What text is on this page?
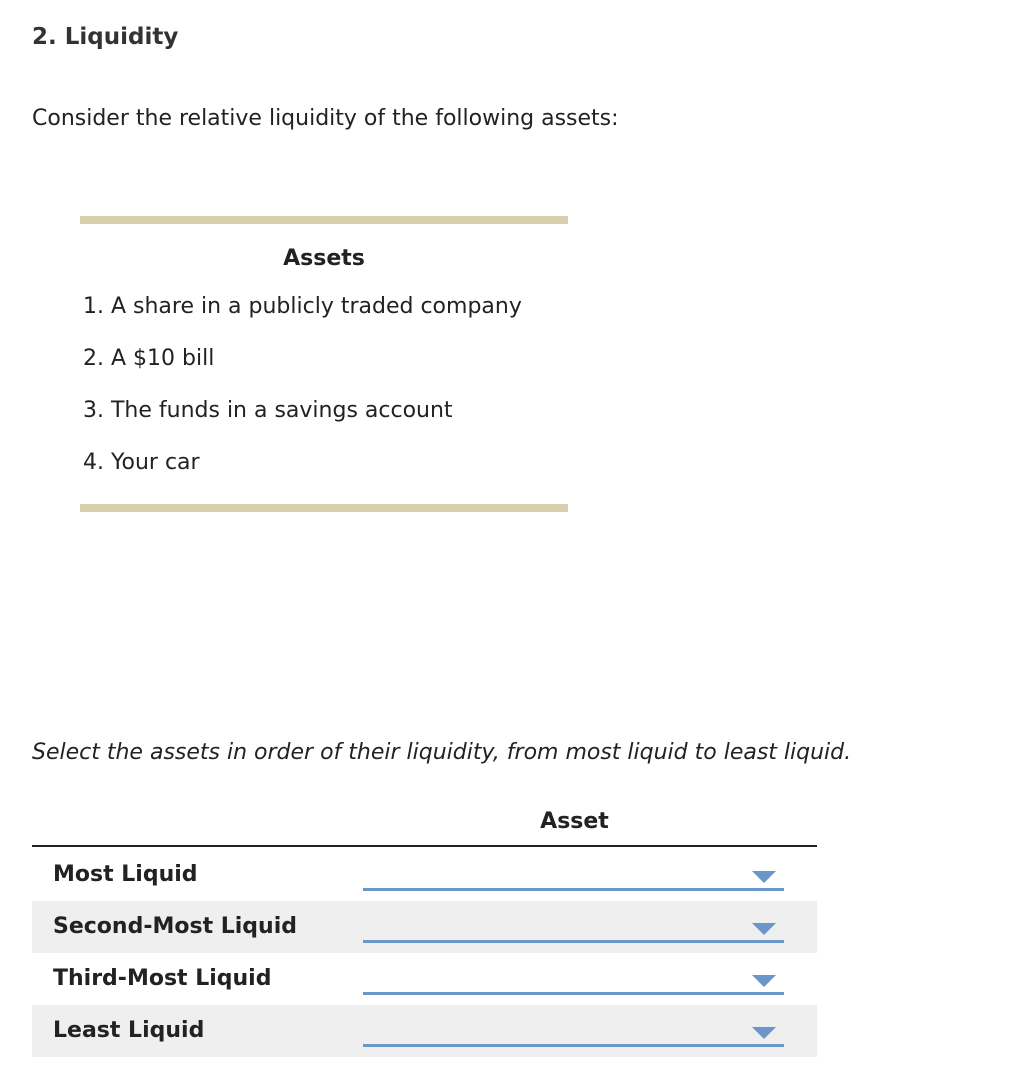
2. Liquidity
Consider the relative liquidity of the following assets:
Assets
1. A share in a publicly traded company
2. A $10 bill
3. The funds in a savings account
4. Your car
Select the assets in order of their liquidity, from most liquid to least liquid.
Asset
Most Liquid
Second-Most Liquid
Third-Most Liquid
Least Liquid
